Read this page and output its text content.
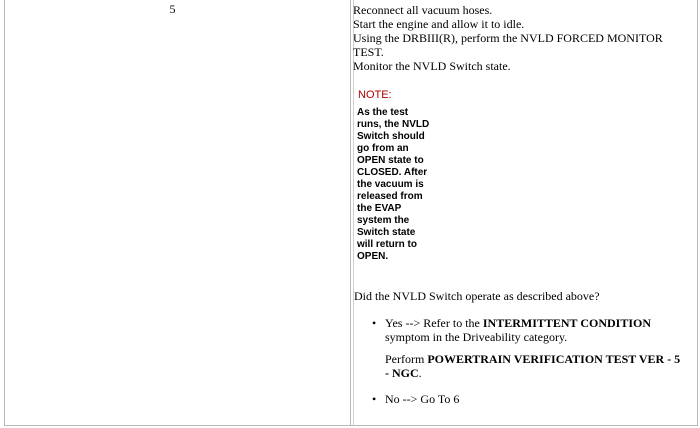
5	Reconnect all vacuum hoses.
Start the engine and allow it to idle.
Using the DRBIII(R), perform the NVLD FORCED MONITOR
TEST.
Monitor the NVLD Switch state.
NOTE:
As the test
runs, the NVLD
Switch should
go from an
OPEN state to
CLOSED. After
the vacuum is
released from
the EVAP
system the
Switch state
will return to
OPEN.
Did the NVLD Switch operate as described above?
• Yes --> Refer to the INTERMITTENT CONDITION
symptom in the Driveability category.
Perform POWERTRAIN VERIFICATION TEST VER - 5
- NGC.
• No --> Go To 6
